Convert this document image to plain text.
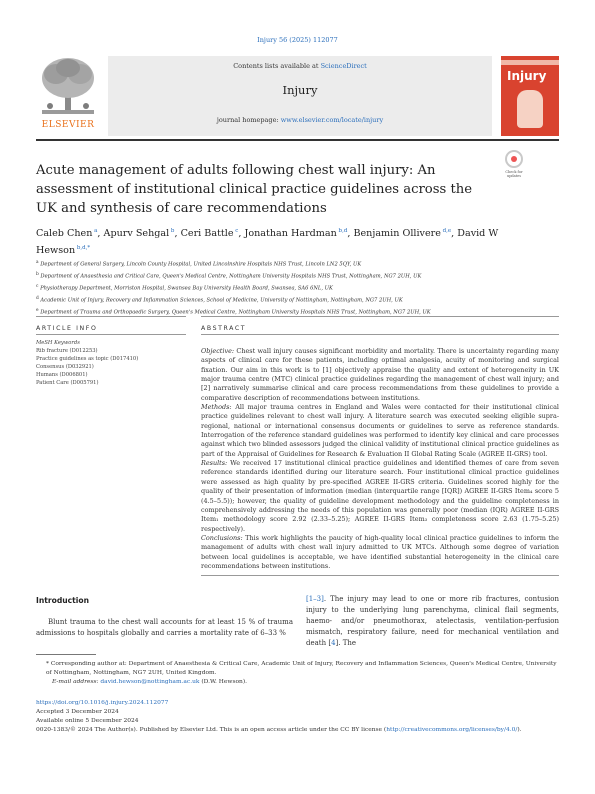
Injury 56 (2025) 112077
ELSEVIER
Contents lists available at ScienceDirect
Injury
journal homepage: www.elsevier.com/locate/injury
Injury
Acute management of adults following chest wall injury: An assessment of institutional clinical practice guidelines across the UK and synthesis of care recommendations
Check for updates
Caleb Chen $^a$, Apurv Sehgal $^b$, Ceri Battle $^c$, Jonathan Hardman $^{b,d}$, Benjamin Ollivere $^{d,e}$, David W Hewson $^{b,d,*}$
$^a$ Department of General Surgery, Lincoln County Hospital, United Lincolnshire Hospitals NHS Trust, Lincoln LN2 5QY, UK
$^b$ Department of Anaesthesia and Critical Care, Queen's Medical Centre, Nottingham University Hospitals NHS Trust, Nottingham, NG7 2UH, UK
$^c$ Physiotherapy Department, Morriston Hospital, Swansea Bay University Health Board, Swansea, SA6 6NL, UK
$^d$ Academic Unit of Injury, Recovery and Inflammation Sciences, School of Medicine, University of Nottingham, Nottingham, NG7 2UH, UK
$^e$ Department of Trauma and Orthopaedic Surgery, Queen's Medical Centre, Nottingham University Hospitals NHS Trust, Nottingham, NG7 2UH, UK
ARTICLE INFO
MeSH Keywords
Rib fracture (D012253)
Practice guidelines as topic (D017410)
Consensus (D032921)
Humans (D006801)
Patient Care (D005791)
ABSTRACT

Objective: Chest wall injury causes significant morbidity and mortality. There is uncertainty regarding many aspects of clinical care for these patients, including optimal analgesia, acuity of monitoring and surgical fixation. Our aim in this work is to [1] objectively appraise the quality and extent of heterogeneity in UK major trauma centre (MTC) clinical practice guidelines regarding the management of chest wall injury; and [2] narratively summarise clinical and care process recommendations from these guidelines to provide a comparative description of recommendations between institutions.

Methods: All major trauma centres in England and Wales were contacted for their institutional clinical practice guidelines relevant to chest wall injury. A literature search was executed seeking eligible supra-regional, national or international consensus documents or guidelines to serve as reference standards. Interrogation of the reference standard guidelines was performed to identify key clinical and care processes against which two blinded assessors judged the clinical validity of institutional clinical practice guidelines as part of the Appraisal of Guidelines for Research & Evaluation II Global Rating Scale (AGREE II-GRS) tool.

Results: We received 17 institutional clinical practice guidelines and identified themes of care from seven reference standards identified during our literature search. Four institutional clinical practice guidelines were assessed as high quality by pre-specified AGREE II-GRS criteria. Guidelines scored highly for the quality of their presentation of information (median (interquartile range [IQR]) AGREE II-GRS Item₄ score 5 (4.5–5.5)); however, the quality of guideline development methodology and the guideline completeness in comprehensively addressing the needs of this population was generally poor (median (IQR) AGREE II-GRS Item₁ methodology score 2.92 (2.33–5.25); AGREE II-GRS Item₃ completeness score 2.63 (1.75–5.25) respectively).

Conclusions: This work highlights the paucity of high-quality local clinical practice guidelines to inform the management of adults with chest wall injury admitted to UK MTCs. Although some degree of variation between local guidelines is acceptable, we have identified substantial heterogeneity in the clinical care recommendations between institutions.

Introduction
Blunt trauma to the chest wall accounts for at least 15 % of trauma admissions to hospitals globally and carries a mortality rate of 6–33 %
[1–3]. The injury may lead to one or more rib fractures, contusion injury to the underlying lung parenchyma, clinical flail segments, haemo- and/or pneumothorax, atelectasis, ventilation-perfusion mismatch, respiratory failure, need for mechanical ventilation and death [4]. The
* Corresponding author at: Department of Anaesthesia & Critical Care, Academic Unit of Injury, Recovery and Inflammation Sciences, Queen's Medical Centre, University of Nottingham, Nottingham, NG7 2UH, United Kingdom.
E-mail address: david.hewson@nottingham.ac.uk (D.W. Hewson).
https://doi.org/10.1016/j.injury.2024.112077
Accepted 3 December 2024
Available online 5 December 2024
0020-1383/© 2024 The Author(s). Published by Elsevier Ltd. This is an open access article under the CC BY license (http://creativecommons.org/licenses/by/4.0/).
